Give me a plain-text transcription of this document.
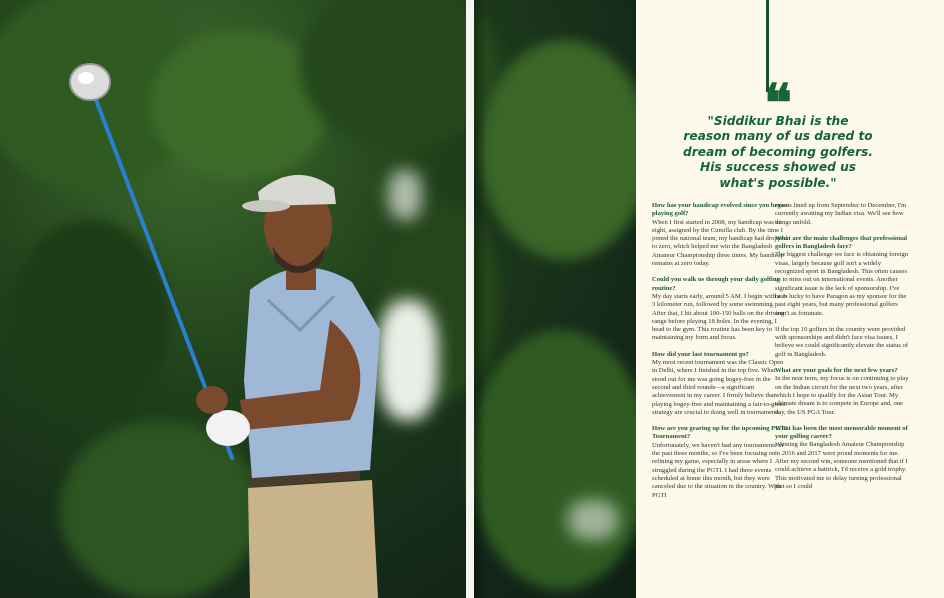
❝
"Siddikur Bhai is the reason many of us dared to dream of becoming golfers. His success showed us what's possible."

How has your handicap evolved since you began playing golf?

When I first started in 2008, my handicap was an eight, assigned by the Cumilla club. By the time I joined the national team, my handicap had dropped to zero, which helped me win the Bangladesh Amateur Championship three times. My handicap remains at zero today.

Could you walk us through your daily golfing routine?

My day starts early, around 5 AM. I begin with a 2-3 kilometer run, followed by some swimming. After that, I hit about 100-150 balls on the driving range before playing 18 holes. In the evening, I head to the gym. This routine has been key to maintaining my form and focus.

How did your last tournament go?

My most recent tournament was the Classic Open in Delhi, where I finished in the top five. What stood out for me was going bogey-free in the second and third rounds—a significant achievement in my career. I firmly believe that playing bogey-free and maintaining a fair-to-green strategy are crucial to doing well in tournaments.

How are you gearing up for the upcoming PGTI Tournament?

Unfortunately, we haven't had any tournaments in the past three months, so I've been focusing on refining my game, especially in areas where I struggled during the PGTI. I had three events scheduled at home this month, but they were canceled due to the situation in the country. With PGTI

events lined up from September to December, I'm currently awaiting my Indian visa. We'll see how things unfold.

What are the main challenges that professional golfers in Bangladesh face?

The biggest challenge we face is obtaining foreign visas, largely because golf isn't a widely recognized sport in Bangladesh. This often causes us to miss out on international events. Another significant issue is the lack of sponsorship. I've been lucky to have Paragon as my sponsor for the past eight years, but many professional golfers aren't as fortunate.

If the top 10 golfers in the country were provided with sponsorships and didn't face visa issues, I believe we could significantly elevate the status of golf in Bangladesh.

What are your goals for the next few years?

In the near term, my focus is on continuing to play on the Indian circuit for the next two years, after which I hope to qualify for the Asian Tour. My ultimate dream is to compete in Europe and, one day, the US PGA Tour.

What has been the most memorable moment of your golfing career?

Winning the Bangladesh Amateur Championship in 2016 and 2017 were proud moments for me. After my second win, someone mentioned that if I could achieve a hattrick, I'd receive a gold trophy. This motivated me to delay turning professional just so I could
